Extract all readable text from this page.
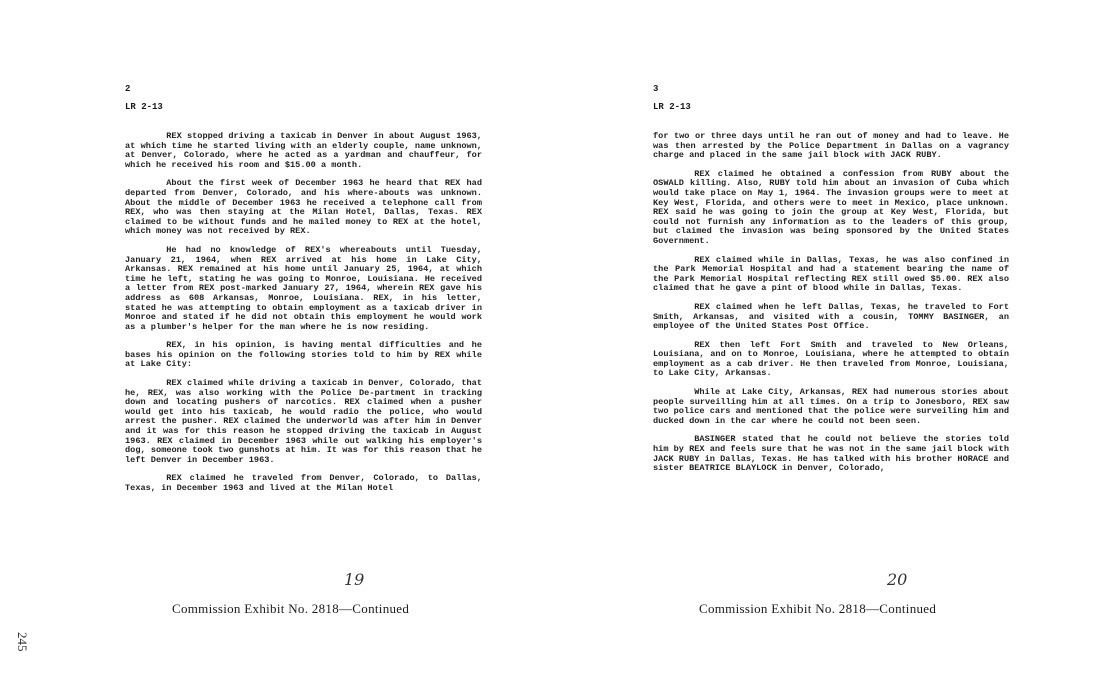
2
LR 2-13

REX stopped driving a taxicab in Denver in about August 1963, at which time he started living with an elderly couple, name unknown, at Denver, Colorado, where he acted as a yardman and chauffeur, for which he received his room and $15.00 a month.

About the first week of December 1963 he heard that REX had departed from Denver, Colorado, and his where-abouts was unknown. About the middle of December 1963 he received a telephone call from REX, who was then staying at the Milan Hotel, Dallas, Texas. REX claimed to be without funds and he mailed money to REX at the hotel, which money was not received by REX.

He had no knowledge of REX's whereabouts until Tuesday, January 21, 1964, when REX arrived at his home in Lake City, Arkansas. REX remained at his home until January 25, 1964, at which time he left, stating he was going to Monroe, Louisiana. He received a letter from REX post-marked January 27, 1964, wherein REX gave his address as 608 Arkansas, Monroe, Louisiana. REX, in his letter, stated he was attempting to obtain employment as a taxicab driver in Monroe and stated if he did not obtain this employment he would work as a plumber's helper for the man where he is now residing.

REX, in his opinion, is having mental difficulties and he bases his opinion on the following stories told to him by REX while at Lake City:

REX claimed while driving a taxicab in Denver, Colorado, that he, REX, was also working with the Police De-partment in tracking down and locating pushers of narcotics. REX claimed when a pusher would get into his taxicab, he would radio the police, who would arrest the pusher. REX claimed the underworld was after him in Denver and it was for this reason he stopped driving the taxicab in August 1963. REX claimed in December 1963 while out walking his employer's dog, someone took two gunshots at him. It was for this reason that he left Denver in December 1963.

REX claimed he traveled from Denver, Colorado, to Dallas, Texas, in December 1963 and lived at the Milan Hotel

19
Commission Exhibit No. 2818—Continued
3
LR 2-13

for two or three days until he ran out of money and had to leave. He was then arrested by the Police Department in Dallas on a vagrancy charge and placed in the same jail block with JACK RUBY.

REX claimed he obtained a confession from RUBY about the OSWALD killing. Also, RUBY told him about an invasion of Cuba which would take place on May 1, 1964. The invasion groups were to meet at Key West, Florida, and others were to meet in Mexico, place unknown. REX said he was going to join the group at Key West, Florida, but could not furnish any information as to the leaders of this group, but claimed the invasion was being sponsored by the United States Government.

REX claimed while in Dallas, Texas, he was also confined in the Park Memorial Hospital and had a statement bearing the name of the Park Memorial Hospital reflecting REX still owed $5.00. REX also claimed that he gave a pint of blood while in Dallas, Texas.

REX claimed when he left Dallas, Texas, he traveled to Fort Smith, Arkansas, and visited with a cousin, TOMMY BASINGER, an employee of the United States Post Office.

REX then left Fort Smith and traveled to New Orleans, Louisiana, and on to Monroe, Louisiana, where he attempted to obtain employment as a cab driver. He then traveled from Monroe, Louisiana, to Lake City, Arkansas.

While at Lake City, Arkansas, REX had numerous stories about people surveilling him at all times. On a trip to Jonesboro, REX saw two police cars and mentioned that the police were surveiling him and ducked down in the car where he could not been seen.

BASINGER stated that he could not believe the stories told him by REX and feels sure that he was not in the same jail block with JACK RUBY in Dallas, Texas. He has talked with his brother HORACE and sister BEATRICE BLAYLOCK in Denver, Colorado,

20
Commission Exhibit No. 2818—Continued
245
